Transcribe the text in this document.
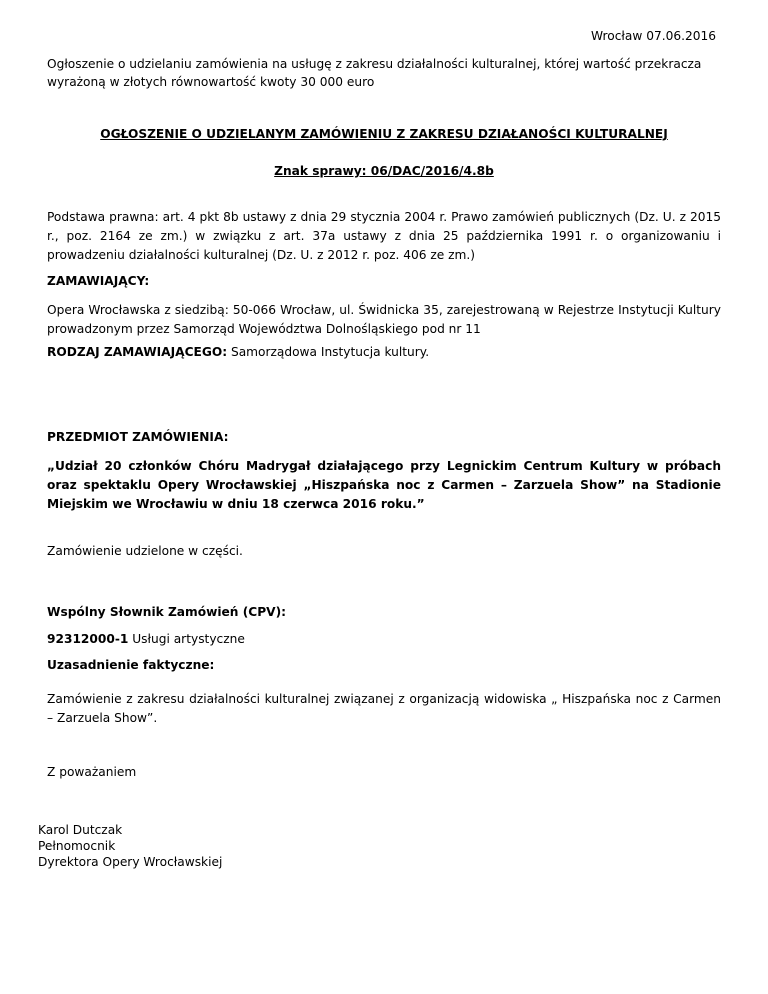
Wrocław 07.06.2016

Ogłoszenie o udzielaniu zamówienia na usługę z zakresu działalności kulturalnej, której wartość przekracza wyrażoną w złotych równowartość kwoty 30 000 euro

OGŁOSZENIE O UDZIELANYM ZAMÓWIENIU Z ZAKRESU DZIAŁANOŚCI KULTURALNEJ

Znak sprawy: 06/DAC/2016/4.8b

Podstawa prawna: art. 4 pkt 8b ustawy z dnia 29 stycznia 2004 r. Prawo zamówień publicznych (Dz. U. z 2015 r., poz. 2164 ze zm.) w związku z art. 37a ustawy z dnia 25 października 1991 r. o organizowaniu i prowadzeniu działalności kulturalnej (Dz. U. z 2012 r. poz. 406 ze zm.)

ZAMAWIAJĄCY:

Opera Wrocławska z siedzibą: 50-066 Wrocław, ul. Świdnicka 35, zarejestrowaną w Rejestrze Instytucji Kultury prowadzonym przez Samorząd Województwa Dolnośląskiego pod nr 11

RODZAJ ZAMAWIAJĄCEGO: Samorządowa Instytucja kultury.

PRZEDMIOT ZAMÓWIENIA:

„Udział 20 członków Chóru Madrygał działającego przy Legnickim Centrum Kultury w próbach oraz spektaklu Opery Wrocławskiej „Hiszpańska noc z Carmen – Zarzuela Show” na Stadionie Miejskim we Wrocławiu w dniu 18 czerwca 2016 roku.”

Zamówienie udzielone w części.

Wspólny Słownik Zamówień (CPV):

92312000-1 Usługi artystyczne

Uzasadnienie faktyczne:

Zamówienie z zakresu działalności kulturalnej związanej z organizacją widowiska „ Hiszpańska noc z Carmen – Zarzuela Show”.

Z poważaniem

Karol Dutczak
Pełnomocnik
Dyrektora Opery Wrocławskiej
